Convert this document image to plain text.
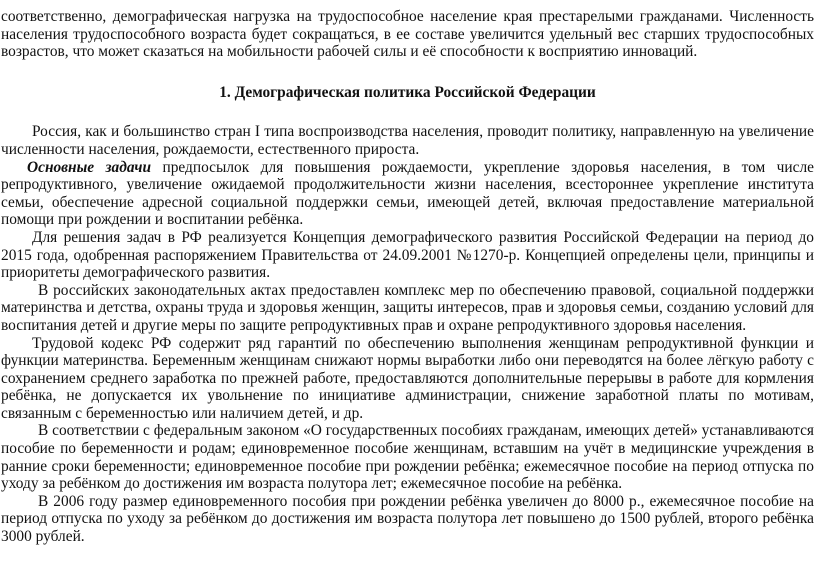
соответственно, демографическая нагрузка на трудоспособное население края престарелыми гражданами. Численность населения трудоспособного возраста будет сокращаться, в ее составе увеличится удельный вес старших трудоспособных возрастов, что может сказаться на мобильности рабочей силы и её способности к восприятию инноваций.

1. Демографическая политика Российской Федерации

Россия, как и большинство стран I типа воспроизводства населения, проводит политику, направленную на увеличение численности населения, рождаемости, естественного прироста.

Основные задачи предпосылок для повышения рождаемости, укрепление здоровья населения, в том числе репродуктивного, увеличение ожидаемой продолжительности жизни населения, всестороннее укрепление института семьи, обеспечение адресной социальной поддержки семьи, имеющей детей, включая предоставление материальной помощи при рождении и воспитании ребёнка.

Для решения задач в РФ реализуется Концепция демографического развития Российской Федерации на период до 2015 года, одобренная распоряжением Правительства от 24.09.2001 №1270-р. Концепцией определены цели, принципы и приоритеты демографического развития.

В российских законодательных актах предоставлен комплекс мер по обеспечению правовой, социальной поддержки материнства и детства, охраны труда и здоровья женщин, защиты интересов, прав и здоровья семьи, созданию условий для воспитания детей и другие меры по защите репродуктивных прав и охране репродуктивного здоровья населения.

Трудовой кодекс РФ содержит ряд гарантий по обеспечению выполнения женщинам репродуктивной функции и функции материнства. Беременным женщинам снижают нормы выработки либо они переводятся на более лёгкую работу с сохранением среднего заработка по прежней работе, предоставляются дополнительные перерывы в работе для кормления ребёнка, не допускается их увольнение по инициативе администрации, снижение заработной платы по мотивам, связанным с беременностью или наличием детей, и др.

В соответствии с федеральным законом «О государственных пособиях гражданам, имеющих детей» устанавливаются пособие по беременности и родам; единовременное пособие женщинам, вставшим на учёт в медицинские учреждения в ранние сроки беременности; единовременное пособие при рождении ребёнка; ежемесячное пособие на период отпуска по уходу за ребёнком до достижения им возраста полутора лет; ежемесячное пособие на ребёнка.

В 2006 году размер единовременного пособия при рождении ребёнка увеличен до 8000 р., ежемесячное пособие на период отпуска по уходу за ребёнком до достижения им возраста полутора лет повышено до 1500 рублей, второго ребёнка 3000 рублей.
